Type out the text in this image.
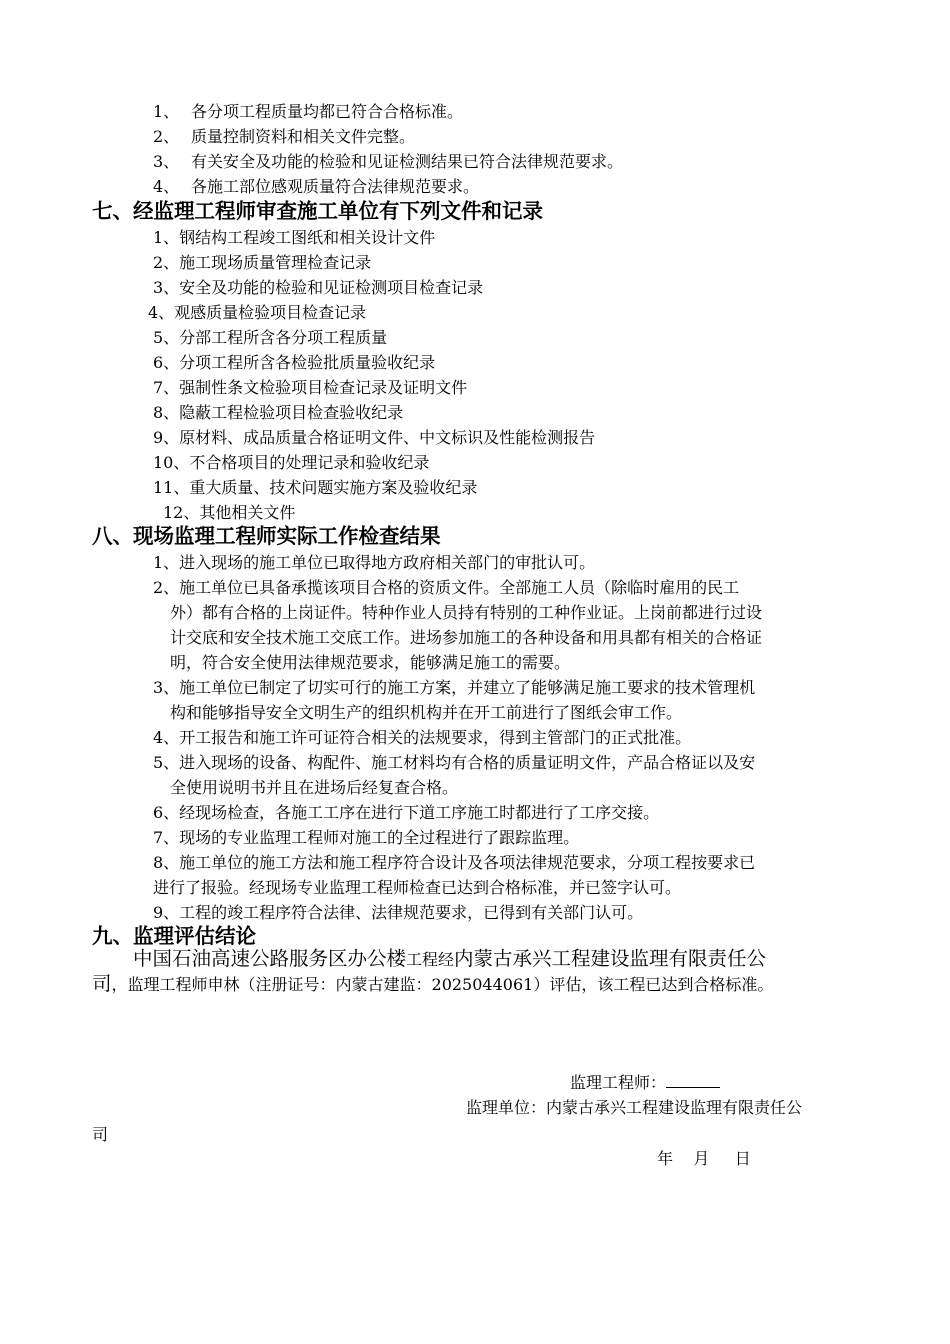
1、 各分项工程质量均都已符合合格标准。
2、 质量控制资料和相关文件完整。
3、 有关安全及功能的检验和见证检测结果已符合法律规范要求。
4、 各施工部位感观质量符合法律规范要求。
七、经监理工程师审查施工单位有下列文件和记录
1、钢结构工程竣工图纸和相关设计文件
2、施工现场质量管理检查记录
3、安全及功能的检验和见证检测项目检查记录
4、观感质量检验项目检查记录
5、分部工程所含各分项工程质量
6、分项工程所含各检验批质量验收纪录
7、强制性条文检验项目检查记录及证明文件
8、隐蔽工程检验项目检查验收纪录
9、原材料、成品质量合格证明文件、中文标识及性能检测报告
10、不合格项目的处理记录和验收纪录
11、重大质量、技术问题实施方案及验收纪录
12、其他相关文件
八、现场监理工程师实际工作检查结果
1、进入现场的施工单位已取得地方政府相关部门的审批认可。
2、施工单位已具备承揽该项目合格的资质文件。全部施工人员（除临时雇用的民工
外）都有合格的上岗证件。特种作业人员持有特别的工种作业证。上岗前都进行过设
计交底和安全技术施工交底工作。进场参加施工的各种设备和用具都有相关的合格证
明，符合安全使用法律规范要求，能够满足施工的需要。
3、施工单位已制定了切实可行的施工方案，并建立了能够满足施工要求的技术管理机
构和能够指导安全文明生产的组织机构并在开工前进行了图纸会审工作。
4、开工报告和施工许可证符合相关的法规要求，得到主管部门的正式批准。
5、进入现场的设备、构配件、施工材料均有合格的质量证明文件，产品合格证以及安
全使用说明书并且在进场后经复查合格。
6、经现场检查，各施工工序在进行下道工序施工时都进行了工序交接。
7、现场的专业监理工程师对施工的全过程进行了跟踪监理。
8、施工单位的施工方法和施工程序符合设计及各项法律规范要求，分项工程按要求已
进行了报验。经现场专业监理工程师检查已达到合格标准，并已签字认可。
9、工程的竣工程序符合法律、法律规范要求，已得到有关部门认可。
九、监理评估结论
中国石油高速公路服务区办公楼工程经内蒙古承兴工程建设监理有限责任公
司，监理工程师申林（注册证号：内蒙古建监：2025044061）评估，该工程已达到合格标准。
监理工程师：
监理单位：内蒙古承兴工程建设监理有限责任公
司
年    月     日
